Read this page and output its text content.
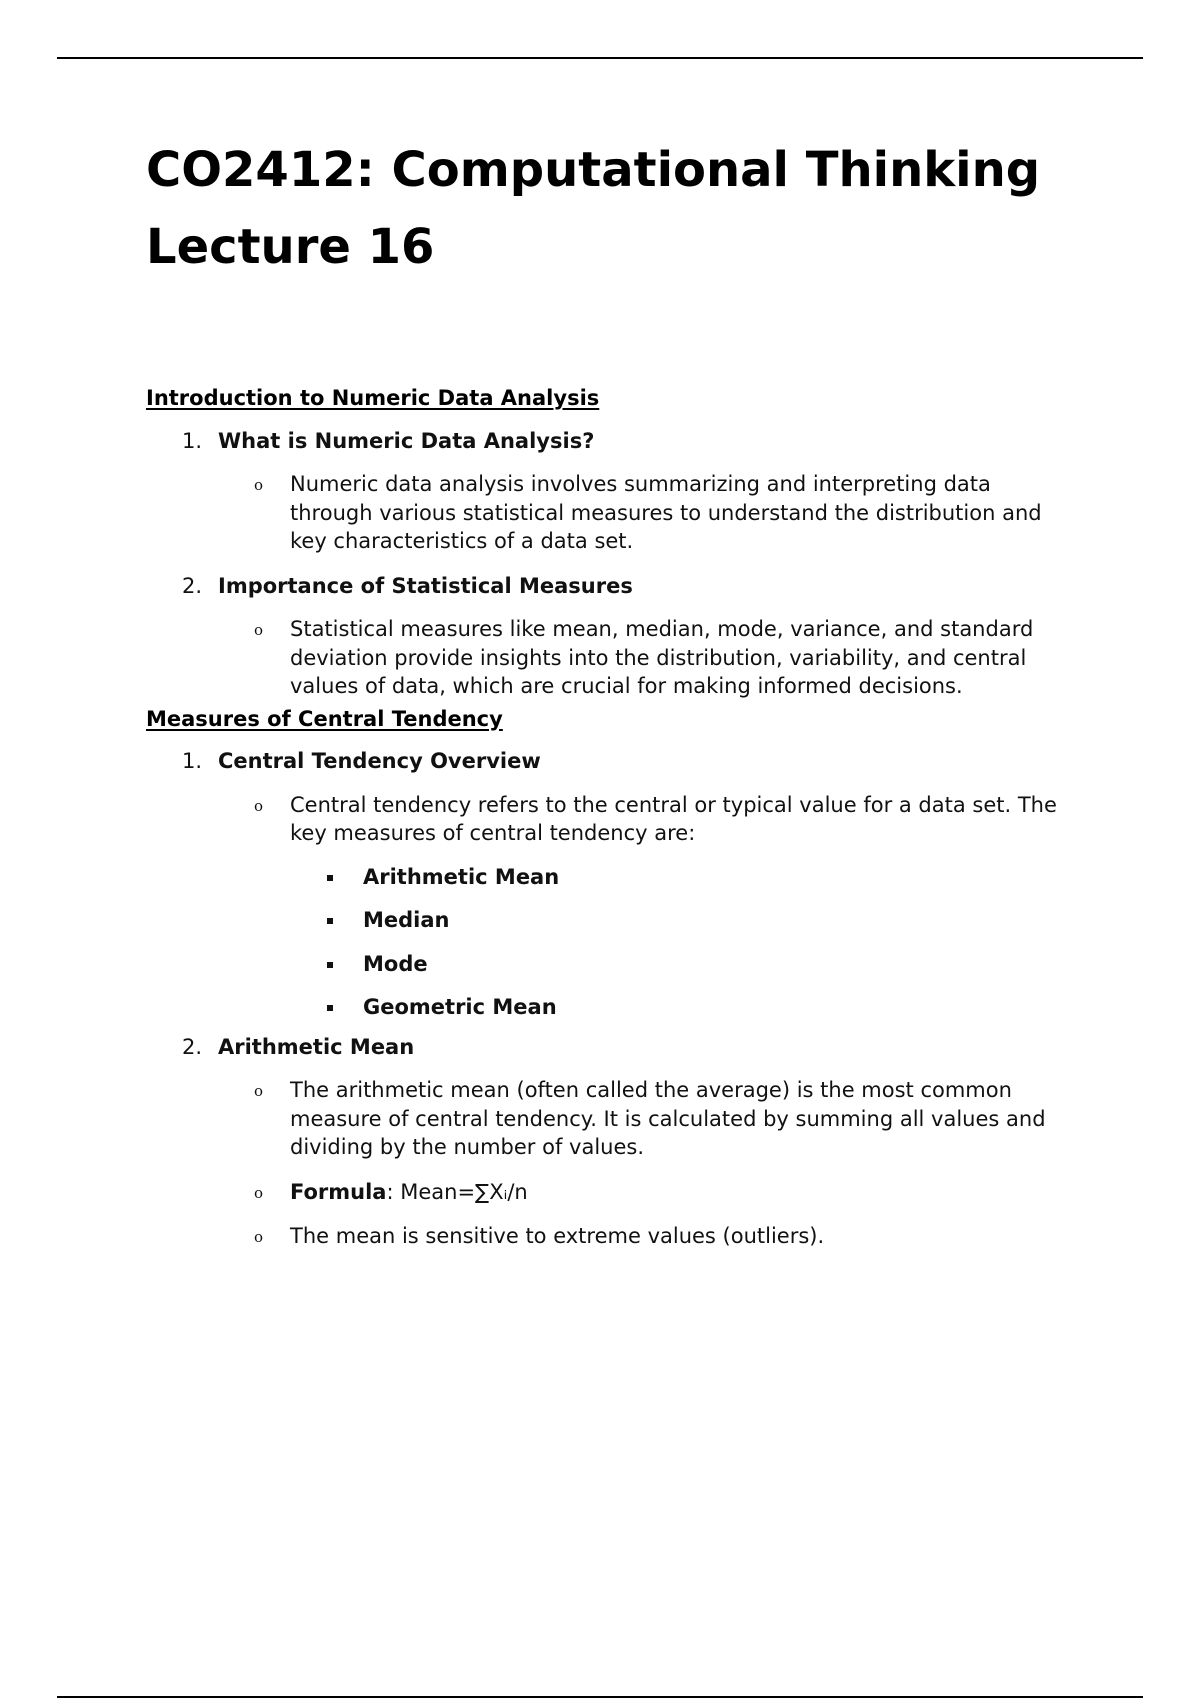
CO2412: Computational Thinking
Lecture 16
Introduction to Numeric Data Analysis
1. What is Numeric Data Analysis?
o Numeric data analysis involves summarizing and interpreting data through various statistical measures to understand the distribution and key characteristics of a data set.
2. Importance of Statistical Measures
o Statistical measures like mean, median, mode, variance, and standard deviation provide insights into the distribution, variability, and central values of data, which are crucial for making informed decisions.
Measures of Central Tendency
1. Central Tendency Overview
o Central tendency refers to the central or typical value for a data set. The key measures of central tendency are:
Arithmetic Mean
Median
Mode
Geometric Mean
2. Arithmetic Mean
o The arithmetic mean (often called the average) is the most common measure of central tendency. It is calculated by summing all values and dividing by the number of values.
o Formula: Mean=∑Xᵢ/n
o The mean is sensitive to extreme values (outliers).
